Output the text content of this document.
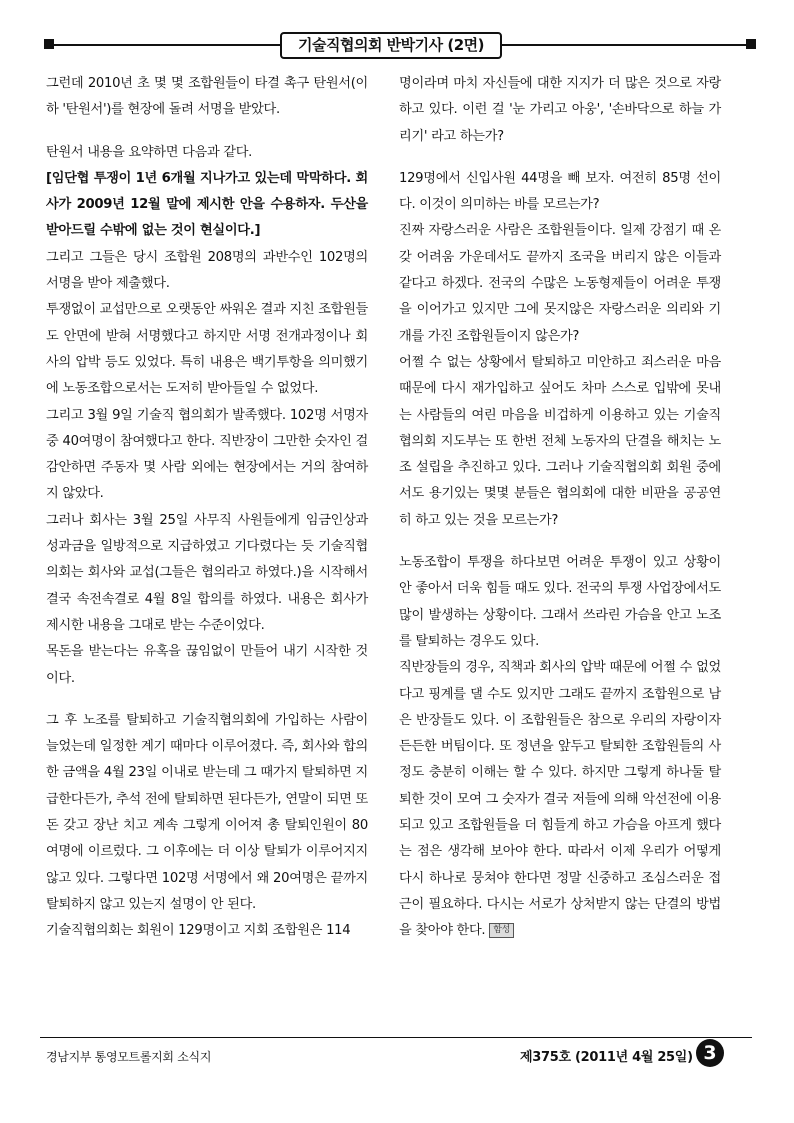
기술직협의회 반박기사 (2면)

그런데 2010년 초 몇 몇 조합원들이 타결 촉구 탄원서(이하 '탄원서')를 현장에 돌려 서명을 받았다.

탄원서 내용을 요약하면 다음과 같다.

[임단협 투쟁이 1년 6개월 지나가고 있는데 막막하다. 회사가 2009년 12월 말에 제시한 안을 수용하자. 두산을 받아드릴 수밖에 없는 것이 현실이다.]

그리고 그들은 당시 조합원 208명의 과반수인 102명의 서명을 받아 제출했다.

투쟁없이 교섭만으로 오랫동안 싸워온 결과 지친 조합원들도 안면에 받혀 서명했다고 하지만 서명 전개과정이나 회사의 압박 등도 있었다. 특히 내용은 백기투항을 의미했기에 노동조합으로서는 도저히 받아들일 수 없었다.

그리고 3월 9일 기술직 협의회가 발족했다. 102명 서명자 중 40여명이 참여했다고 한다. 직반장이 그만한 숫자인 걸 감안하면 주동자 몇 사람 외에는 현장에서는 거의 참여하지 않았다.

그러나 회사는 3월 25일 사무직 사원들에게 임금인상과 성과금을 일방적으로 지급하였고 기다렸다는 듯 기술직협의회는 회사와 교섭(그들은 협의라고 하였다.)을 시작해서 결국 속전속결로 4월 8일 합의를 하였다. 내용은 회사가 제시한 내용을 그대로 받는 수준이었다.

목돈을 받는다는 유혹을 끊임없이 만들어 내기 시작한 것이다.

그 후 노조를 탈퇴하고 기술직협의회에 가입하는 사람이 늘었는데 일정한 계기 때마다 이루어졌다. 즉, 회사와 합의한 금액을 4월 23일 이내로 받는데 그 때가지 탈퇴하면 지급한다든가, 추석 전에 탈퇴하면 된다든가, 연말이 되면 또 돈 갖고 장난 치고 계속 그렇게 이어져 총 탈퇴인원이 80여명에 이르렀다. 그 이후에는 더 이상 탈퇴가 이루어지지 않고 있다. 그렇다면 102명 서명에서 왜 20여명은 끝까지 탈퇴하지 않고 있는지 설명이 안 된다.

기술직협의회는 회원이 129명이고 지회 조합원은 114

명이라며 마치 자신들에 대한 지지가 더 많은 것으로 자랑하고 있다. 이런 걸 '눈 가리고 아웅', '손바닥으로 하늘 가리기' 라고 하는가?

129명에서 신입사원 44명을 빼 보자. 여전히 85명 선이다. 이것이 의미하는 바를 모르는가?

진짜 자랑스러운 사람은 조합원들이다. 일제 강점기 때 온갖 어려움 가운데서도 끝까지 조국을 버리지 않은 이들과 같다고 하겠다. 전국의 수많은 노동형제들이 어려운 투쟁을 이어가고 있지만 그에 못지않은 자랑스러운 의리와 기개를 가진 조합원들이지 않은가?

어쩔 수 없는 상황에서 탈퇴하고 미안하고 죄스러운 마음 때문에 다시 재가입하고 싶어도 차마 스스로 입밖에 못내는 사람들의 여린 마음을 비겁하게 이용하고 있는 기술직협의회 지도부는 또 한번 전체 노동자의 단결을 해치는 노조 설립을 추진하고 있다. 그러나 기술직협의회 회원 중에서도 용기있는 몇몇 분들은 협의회에 대한 비판을 공공연히 하고 있는 것을 모르는가?

노동조합이 투쟁을 하다보면 어려운 투쟁이 있고 상황이 안 좋아서 더욱 힘들 때도 있다. 전국의 투쟁 사업장에서도 많이 발생하는 상황이다. 그래서 쓰라린 가슴을 안고 노조를 탈퇴하는 경우도 있다.

직반장들의 경우, 직책과 회사의 압박 때문에 어쩔 수 없었다고 핑계를 댈 수도 있지만 그래도 끝까지 조합원으로 남은 반장들도 있다. 이 조합원들은 참으로 우리의 자랑이자 든든한 버팀이다. 또 정년을 앞두고 탈퇴한 조합원들의 사정도 충분히 이해는 할 수 있다. 하지만 그렇게 하나둘 탈퇴한 것이 모여 그 숫자가 결국 저들에 의해 악선전에 이용되고 있고 조합원들을 더 힘들게 하고 가슴을 아프게 했다는 점은 생각해 보아야 한다. 따라서 이제 우리가 어떻게 다시 하나로 뭉쳐야 한다면 정말 신중하고 조심스러운 접근이 필요하다. 다시는 서로가 상처받지 않는 단결의 방법을 찾아야 한다. 함성

경남지부 통영모트롤지회 소식지	제375호 (2011년 4월 25일) 3
